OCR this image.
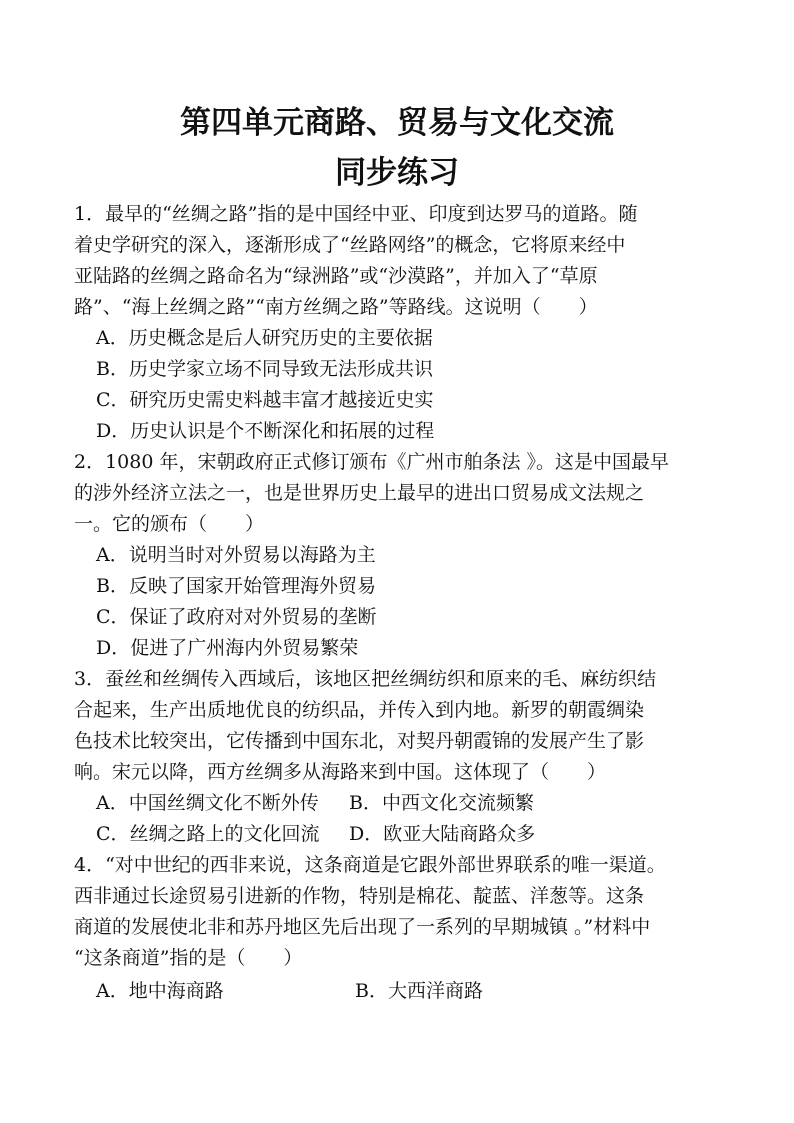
第四单元商路、贸易与文化交流
同步练习
1．最早的“丝绸之路”指的是中国经中亚、印度到达罗马的道路。随
着史学研究的深入，逐渐形成了“丝路网络”的概念，它将原来经中
亚陆路的丝绸之路命名为“绿洲路”或“沙漠路”，并加入了“草原
路”、“海上丝绸之路”“南方丝绸之路”等路线。这说明（　　）
A．历史概念是后人研究历史的主要依据
B．历史学家立场不同导致无法形成共识
C．研究历史需史料越丰富才越接近史实
D．历史认识是个不断深化和拓展的过程
2．1080 年，宋朝政府正式修订颁布《广州市舶条法 》。这是中国最早
的涉外经济立法之一，也是世界历史上最早的进出口贸易成文法规之
一。它的颁布（　　）
A．说明当时对外贸易以海路为主
B．反映了国家开始管理海外贸易
C．保证了政府对对外贸易的垄断
D．促进了广州海内外贸易繁荣
3．蚕丝和丝绸传入西域后，该地区把丝绸纺织和原来的毛、麻纺织结
合起来，生产出质地优良的纺织品，并传入到内地。新罗的朝霞绸染
色技术比较突出，它传播到中国东北，对契丹朝霞锦的发展产生了影
响。宋元以降，西方丝绸多从海路来到中国。这体现了（　　）
A．中国丝绸文化不断外传 B．中西文化交流频繁
C．丝绸之路上的文化回流 D．欧亚大陆商路众多
4．“对中世纪的西非来说，这条商道是它跟外部世界联系的唯一渠道。
西非通过长途贸易引进新的作物，特别是棉花、靛蓝、洋葱等。这条
商道的发展使北非和苏丹地区先后出现了一系列的早期城镇 。”材料中
“这条商道”指的是（　　）
A．地中海商路	B．大西洋商路
